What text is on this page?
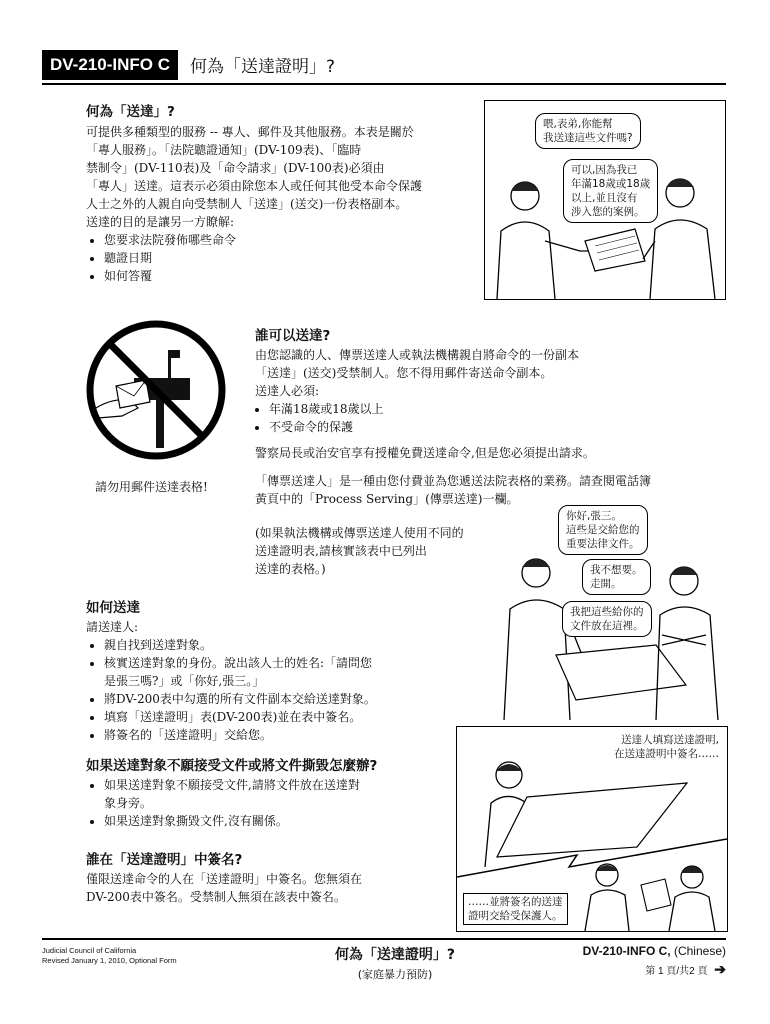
DV-210-INFO C	何為「送達證明」?
何為「送達」?

可提供多種類型的服務 -- 專人、郵件及其他服務。本表是關於

「專人服務」。「法院聽證通知」(DV-109表)、「臨時

禁制令」(DV-110表)及「命令請求」(DV-100表)必須由

「專人」送達。這表示必須由除您本人或任何其他受本命令保護

人士之外的人親自向受禁制人「送達」(送交)一份表格副本。

送達的目的是讓另一方瞭解:

• 您要求法院發佈哪些命令
• 聽證日期
• 如何答覆
喂,表弟,你能幫
我送達這些文件嗎?
可以,因為我已
年滿18歲或18歲
以上,並且沒有
涉入您的案例。
請勿用郵件送達表格!
誰可以送達?

由您認識的人、傳票送達人或執法機構親自將命令的一份副本

「送達」(送交)受禁制人。您不得用郵件寄送命令副本。

送達人必須:

• 年滿18歲或18歲以上
• 不受命令的保護

警察局長或治安官享有授權免費送達命令,但是您必須提出請求。

「傳票送達人」是一種由您付費並為您遞送法院表格的業務。請查閱電話簿

黃頁中的「Process Serving」(傳票送達)一欄。

(如果執法機構或傳票送達人使用不同的

送達證明表,請核實該表中已列出

送達的表格。)

你好,張三。
這些是交給您的
重要法律文件。
我不想要。
走開。
我把這些給你的
文件放在這裡。
如何送達

請送達人:

• 親自找到送達對象。
• 核實送達對象的身份。說出該人士的姓名:「請問您
是張三嗎?」或「你好,張三。」
• 將DV-200表中勾選的所有文件副本交給送達對象。
• 填寫「送達證明」表(DV-200表)並在表中簽名。
• 將簽名的「送達證明」交給您。
如果送達對象不願接受文件或將文件撕毀怎麼辦?
• 如果送達對象不願接受文件,請將文件放在送達對
象身旁。
• 如果送達對象撕毀文件,沒有關係。
誰在「送達證明」中簽名?

僅限送達命令的人在「送達證明」中簽名。您無須在

DV-200表中簽名。受禁制人無須在該表中簽名。

送達人填寫送達證明,
在送達證明中簽名……
……並將簽名的送達
證明交給受保護人。
Judicial Council of California
Revised January 1, 2010, Optional Form	何為「送達證明」?
(家庭暴力預防)
DV-210-INFO C, (Chinese)
第 1 頁/共2 頁 ➔
